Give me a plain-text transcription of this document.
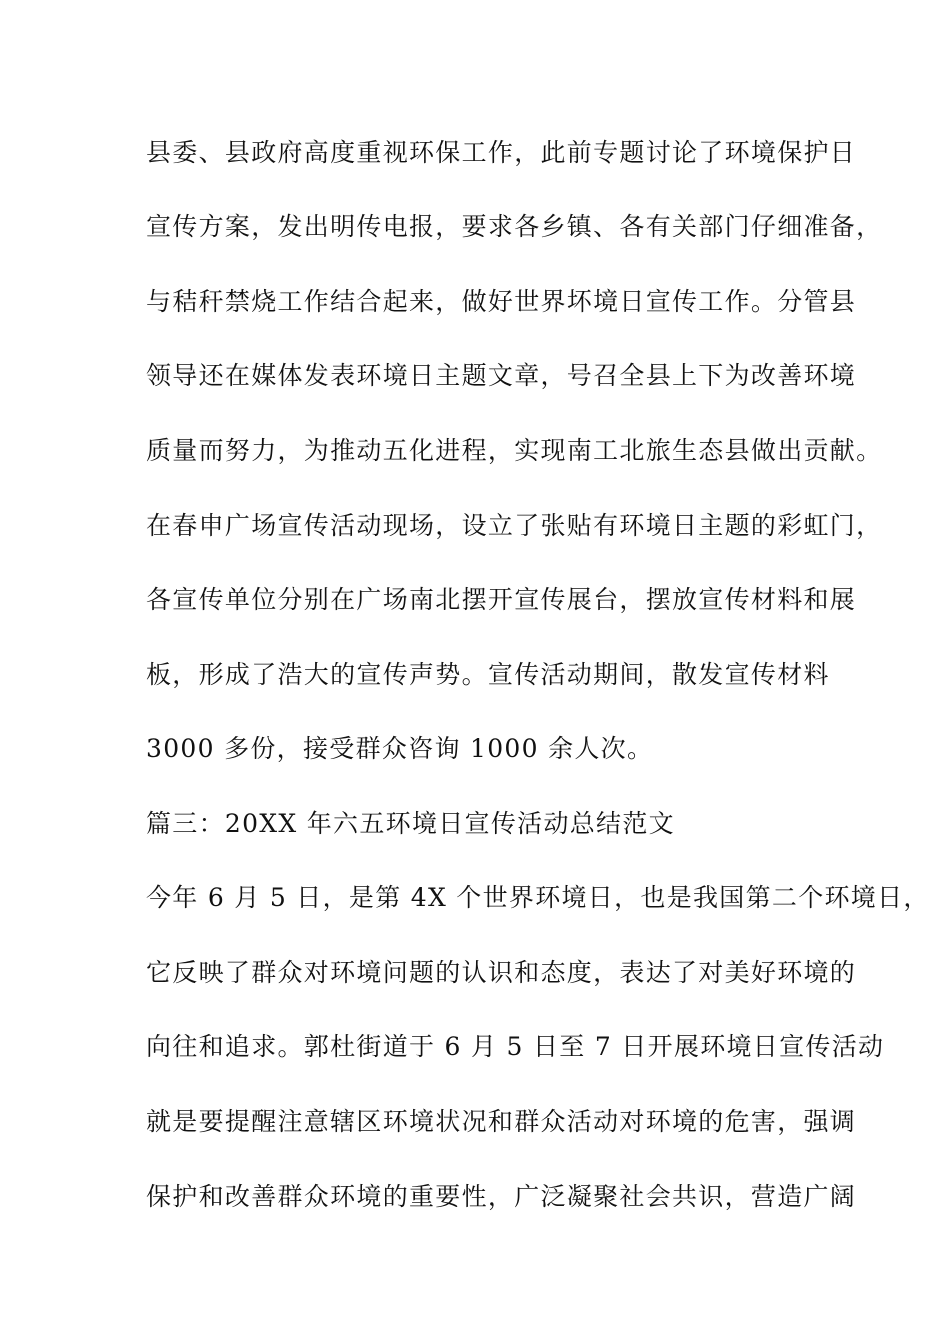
县委、县政府高度重视环保工作，此前专题讨论了环境保护日
宣传方案，发出明传电报，要求各乡镇、各有关部门仔细准备，
与秸秆禁烧工作结合起来，做好世界坏境日宣传工作。分管县
领导还在媒体发表环境日主题文章，号召全县上下为改善环境
质量而努力，为推动五化进程，实现南工北旅生态县做出贡献。
在春申广场宣传活动现场，设立了张贴有环境日主题的彩虹门，
各宣传单位分别在广场南北摆开宣传展台，摆放宣传材料和展
板，形成了浩大的宣传声势。宣传活动期间，散发宣传材料
3000 多份，接受群众咨询 1000 余人次。
篇三：20XX 年六五环境日宣传活动总结范文
今年 6 月 5 日，是第 4X 个世界环境日，也是我国第二个环境日，
它反映了群众对环境问题的认识和态度，表达了对美好环境的
向往和追求。郭杜街道于 6 月 5 日至 7 日开展环境日宣传活动
就是要提醒注意辖区环境状况和群众活动对环境的危害，强调
保护和改善群众环境的重要性，广泛凝聚社会共识，营造广阔
